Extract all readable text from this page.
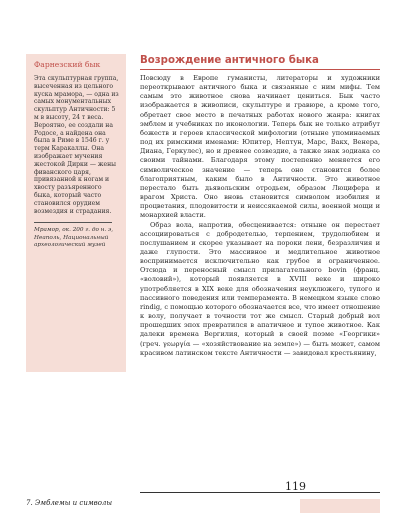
Фарнезский бык

Эта скульптурная группа, высеченная из цельного куска мрамора, — одна из самых монументальных скульптур Античности: 5 м в высоту, 24 т весa. Вероятно, ее создали на Родосе, а найдена она была в Риме в 1546 г. у терм Каракаллы. Она изображает мучения жестокой Дирки — жены фиванского царя, привязанной к ногам и хвосту разъяренного быка, который часто становился орудием возмездия и страдания.

Мрамор, ок. 200 г. до н. э, Неаполь, Национальный археологический музей

Возрождение античного быка

Повсюду в Европе гуманисты, литераторы и художники переоткрывают античного быка и связанные с ним мифы. Тем самым это животное снова начинает цениться. Бык часто изображается в живописи, скульптуре и гравюре, а кроме того, обретает свое место в печатных работах нового жанра: книгах эмблем и учебниках по иконологии. Теперь бык не только атрибут божеств и героев классической мифологии (отныне упоминаемых под их римскими именами: Юпитер, Нептун, Марс, Вакх, Венера, Диана, Геркулес), но и древнее созвездие, а также знак зодиака со своими тайнами. Благодаря этому постепенно меняется его символическое значение — теперь оно становится более благоприятным, каким было в Античности. Это животное перестало быть дьявольским отродьем, образом Люцифера и врагом Христа. Оно вновь становится символом изобилия и процветания, плодовитости и неиссякаемой силы, военной мощи и монархией власти.

Образ вола, напротив, обесценивается: отныне он перестает ассоциироваться с добродетелью, терпением, трудолюбием и послушанием и скорее указывает на пороки лени, безразличия и даже глупости. Это массивное и медлительное животное воспринимается исключительно как грубое и ограниченное. Отсюда и переносный смысл прилагательного bovin (франц. «воловий»), который появляется в XVIII веке и широко употребляется в XIX веке для обозначения неуклюжего, тупого и пассивного поведения или темперамента. В немецком языке слово rindig, с помощью которого обозначается все, что имеет отношение к волу, получает в точности тот же смысл. Старый добрый вол прошедших эпох превратился в апатичное и тупое животное. Как далеки времена Вергилия, который в своей поэме «Георгики» (греч. γεωργία — «хозяйствование на земле») — быть может, самом красивом латинском тексте Античности — завидовал крестьянину,

119
7. Эмблемы и символы
